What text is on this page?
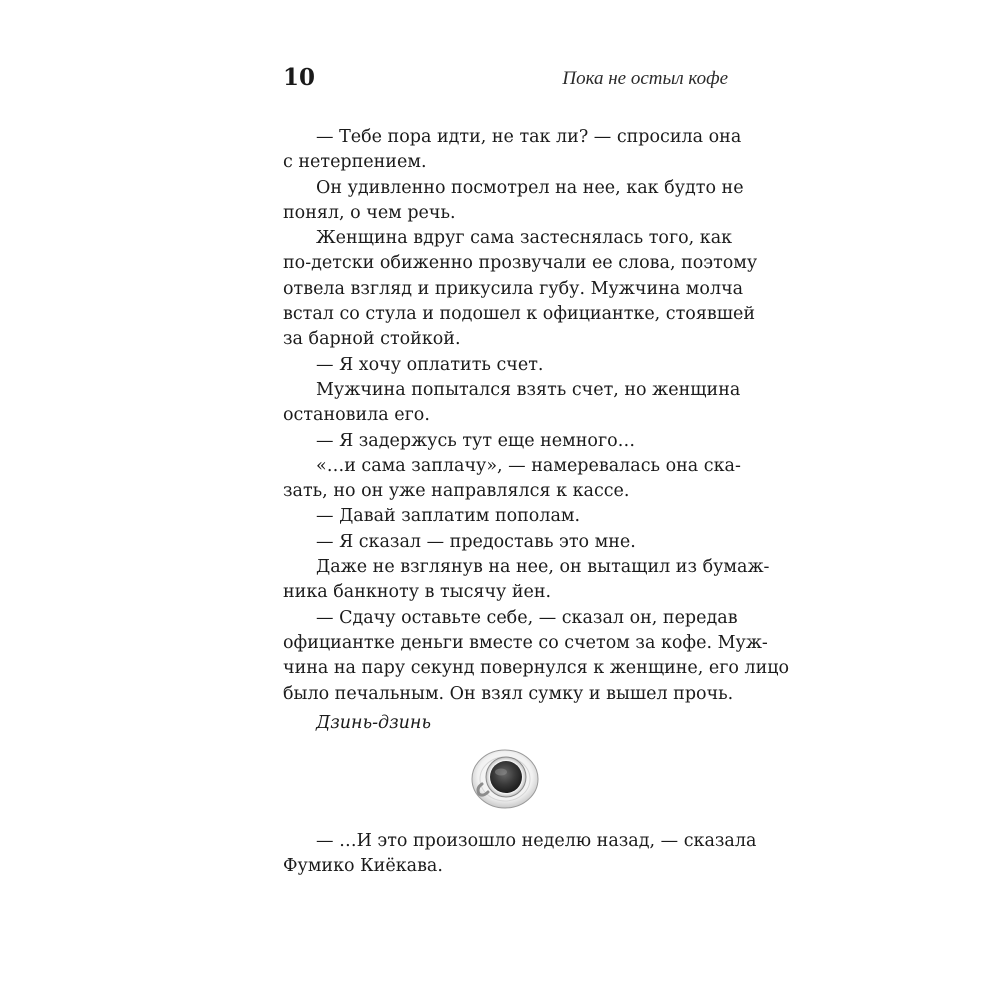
10	Пока не остыл кофе
— Тебе пора идти, не так ли? — спросила она
с нетерпением.
Он удивленно посмотрел на нее, как будто не
понял, о чем речь.
Женщина вдруг сама застеснялась того, как
по-детски обиженно прозвучали ее слова, поэтому
отвела взгляд и прикусила губу. Мужчина молча
встал со стула и подошел к официантке, стоявшей
за барной стойкой.
— Я хочу оплатить счет.
Мужчина попытался взять счет, но женщина
остановила его.
— Я задержусь тут еще немного…
«…и сама заплачу», — намеревалась она ска-
зать, но он уже направлялся к кассе.
— Давай заплатим пополам.
— Я сказал — предоставь это мне.
Даже не взглянув на нее, он вытащил из бумаж-
ника банкноту в тысячу йен.
— Сдачу оставьте себе, — сказал он, передав
официантке деньги вместе со счетом за кофе. Муж-
чина на пару секунд повернулся к женщине, его лицо
было печальным. Он взял сумку и вышел прочь.
Дзинь-дзинь
— …И это произошло неделю назад, — сказала
Фумико Киёкава.
